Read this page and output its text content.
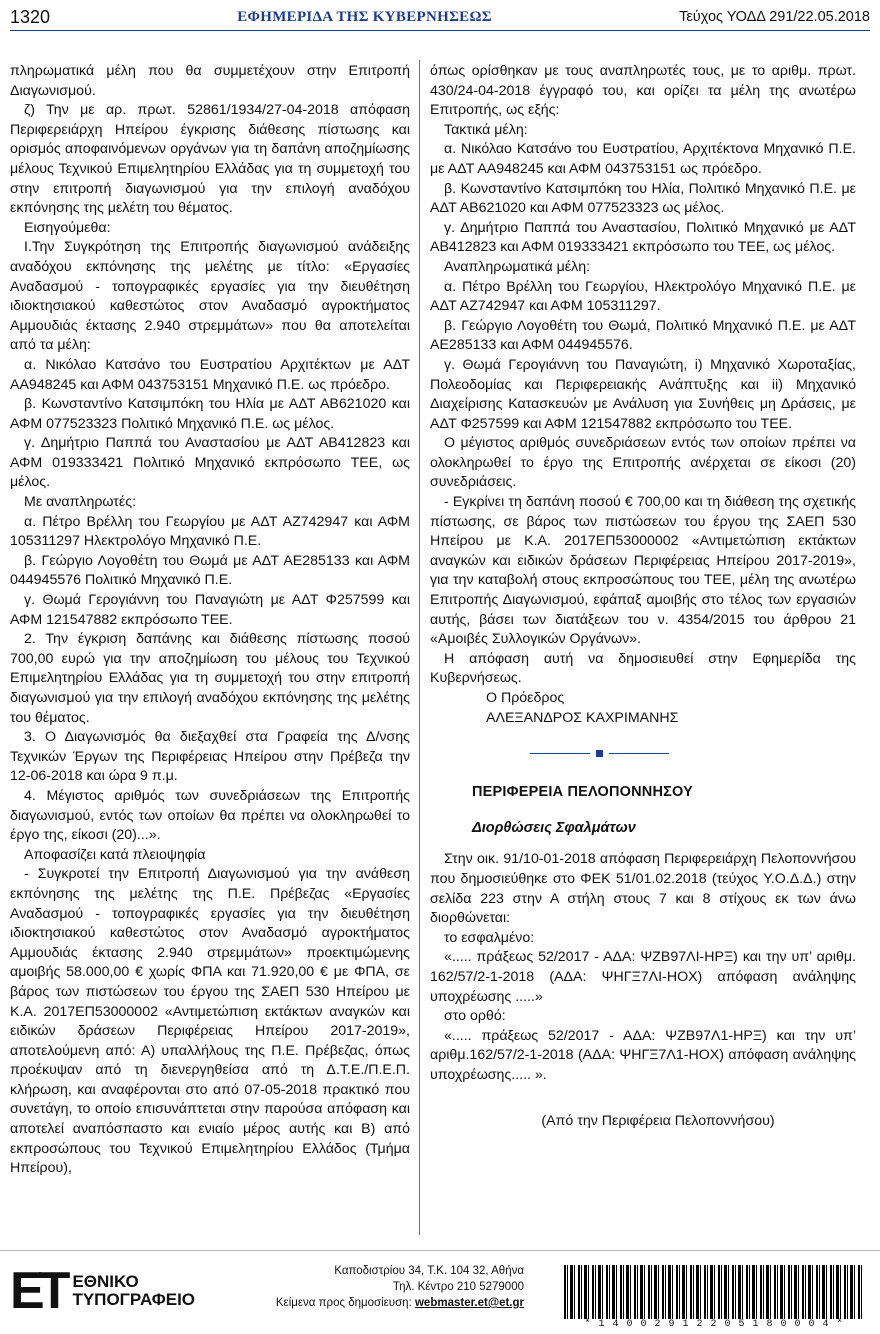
1320	ΕΦΗΜΕΡΙΔΑ ΤΗΣ ΚΥΒΕΡΝΗΣΕΩΣ	Τεύχος ΥΟΔΔ 291/22.05.2018

πληρωματικά μέλη που θα συμμετέχουν στην Επιτροπή Διαγωνισμού.

ζ) Την με αρ. πρωτ. 52861/1934/27-04-2018 απόφαση Περιφερειάρχη Ηπείρου έγκρισης διάθεσης πίστωσης και ορισμός αποφαινόμενων οργάνων για τη δαπάνη αποζημίωσης μέλους Τεχνικού Επιμελητηρίου Ελλάδας για τη συμμετοχή του στην επιτροπή διαγωνισμού για την επιλογή αναδόχου εκπόνησης της μελέτη του θέματος.

Εισηγούμεθα:

Ι.Την Συγκρότηση της Επιτροπής διαγωνισμού ανάδειξης αναδόχου εκπόνησης της μελέτης με τίτλο: «Εργασίες Αναδασμού - τοπογραφικές εργασίες για την διευθέτηση ιδιοκτησιακού καθεστώτος στον Αναδασμό αγροκτήματος Αμμουδιάς έκτασης 2.940 στρεμμάτων» που θα αποτελείται από τα μέλη:

α. Νικόλαο Κατσάνο του Ευστρατίου Αρχιτέκτων με ΑΔΤ ΑΑ948245 και ΑΦΜ 043753151 Μηχανικό Π.Ε. ως πρόεδρο.

β. Κωνσταντίνο Κατσιμπόκη του Ηλία με ΑΔΤ ΑΒ621020 και ΑΦΜ 077523323 Πολιτικό Μηχανικό Π.Ε. ως μέλος.

γ. Δημήτριο Παππά του Αναστασίου με ΑΔΤ ΑΒ412823 και ΑΦΜ 019333421 Πολιτικό Μηχανικό εκπρόσωπο ΤΕΕ, ως μέλος.

Με αναπληρωτές:

α. Πέτρο Βρέλλη του Γεωργίου με ΑΔΤ ΑΖ742947 και ΑΦΜ 105311297 Ηλεκτρολόγο Μηχανικό Π.Ε.

β. Γεώργιο Λογοθέτη του Θωμά με ΑΔΤ ΑΕ285133 και ΑΦΜ 044945576 Πολιτικό Μηχανικό Π.Ε.

γ. Θωμά Γερογιάννη του Παναγιώτη με ΑΔΤ Φ257599 και ΑΦΜ 121547882 εκπρόσωπο ΤΕΕ.

2. Την έγκριση δαπάνης και διάθεσης πίστωσης ποσού 700,00 ευρώ για την αποζημίωση του μέλους του Τεχνικού Επιμελητηρίου Ελλάδας για τη συμμετοχή του στην επιτροπή διαγωνισμού για την επιλογή αναδόχου εκπόνησης της μελέτης του θέματος.

3. Ο Διαγωνισμός θα διεξαχθεί στα Γραφεία της Δ/νσης Τεχνικών Έργων της Περιφέρειας Ηπείρου στην Πρέβεζα την 12-06-2018 και ώρα 9 π.μ.

4. Μέγιστος αριθμός των συνεδριάσεων της Επιτροπής διαγωνισμού, εντός των οποίων θα πρέπει να ολοκληρωθεί το έργο της, είκοσι (20)...».

Αποφασίζει κατά πλειοψηφία

- Συγκροτεί την Επιτροπή Διαγωνισμού για την ανάθεση εκπόνησης της μελέτης της Π.Ε. Πρέβεζας «Εργασίες Αναδασμού - τοπογραφικές εργασίες για την διευθέτηση ιδιοκτησιακού καθεστώτος στον Αναδασμό αγροκτήματος Αμμουδιάς έκτασης 2.940 στρεμμάτων» προεκτιμώμενης αμοιβής 58.000,00 € χωρίς ΦΠΑ και 71.920,00 € με ΦΠΑ, σε βάρος των πιστώσεων του έργου της ΣΑΕΠ 530 Ηπείρου με Κ.Α. 2017ΕΠ53000002 «Αντιμετώπιση εκτάκτων αναγκών και ειδικών δράσεων Περιφέρειας Ηπείρου 2017-2019», αποτελούμενη από: Α) υπαλλήλους της Π.Ε. Πρέβεζας, όπως προέκυψαν από τη διενεργηθείσα από τη Δ.Τ.Ε./Π.Ε.Π. κλήρωση, και αναφέρονται στο από 07-05-2018 πρακτικό που συνετάγη, το οποίο επισυνάπτεται στην παρούσα απόφαση και αποτελεί αναπόσπαστο και ενιαίο μέρος αυτής και Β) από εκπροσώπους του Τεχνικού Επιμελητηρίου Ελλάδος (Τμήμα Ηπείρου),

όπως ορίσθηκαν με τους αναπληρωτές τους, με το αριθμ. πρωτ. 430/24-04-2018 έγγραφό του, και ορίζει τα μέλη της ανωτέρω Επιτροπής, ως εξής:

Τακτικά μέλη:

α. Νικόλαο Κατσάνο του Ευστρατίου, Αρχιτέκτονα Μηχανικό Π.Ε. με ΑΔΤ ΑΑ948245 και ΑΦΜ 043753151 ως πρόεδρο.

β. Κωνσταντίνο Κατσιμπόκη του Ηλία, Πολιτικό Μηχανικό Π.Ε. με ΑΔΤ ΑΒ621020 και ΑΦΜ 077523323 ως μέλος.

γ. Δημήτριο Παππά του Αναστασίου, Πολιτικό Μηχανικό με ΑΔΤ ΑΒ412823 και ΑΦΜ 019333421 εκπρόσωπο του ΤΕΕ, ως μέλος.

Αναπληρωματικά μέλη:

α. Πέτρο Βρέλλη του Γεωργίου, Ηλεκτρολόγο Μηχανικό Π.Ε. με ΑΔΤ ΑΖ742947 και ΑΦΜ 105311297.

β. Γεώργιο Λογοθέτη του Θωμά, Πολιτικό Μηχανικό Π.Ε. με ΑΔΤ ΑΕ285133 και ΑΦΜ 044945576.

γ. Θωμά Γερογιάννη του Παναγιώτη, i) Μηχανικό Χωροταξίας, Πολεοδομίας και Περιφερειακής Ανάπτυξης και ii) Μηχανικό Διαχείρισης Κατασκευών με Ανάλυση για Συνήθεις μη Δράσεις, με ΑΔΤ Φ257599 και ΑΦΜ 121547882 εκπρόσωπο του ΤΕΕ.

Ο μέγιστος αριθμός συνεδριάσεων εντός των οποίων πρέπει να ολοκληρωθεί το έργο της Επιτροπής ανέρχεται σε είκοσι (20) συνεδριάσεις.

- Εγκρίνει τη δαπάνη ποσού € 700,00 και τη διάθεση της σχετικής πίστωσης, σε βάρος των πιστώσεων του έργου της ΣΑΕΠ 530 Ηπείρου με Κ.Α. 2017ΕΠ53000002 «Αντιμετώπιση εκτάκτων αναγκών και ειδικών δράσεων Περιφέρειας Ηπείρου 2017-2019», για την καταβολή στους εκπροσώπους του ΤΕΕ, μέλη της ανωτέρω Επιτροπής Διαγωνισμού, εφάπαξ αμοιβής στο τέλος των εργασιών αυτής, βάσει των διατάξεων του ν. 4354/2015 του άρθρου 21 «Αμοιβές Συλλογικών Οργάνων».

Η απόφαση αυτή να δημοσιευθεί στην Εφημερίδα της Κυβερνήσεως.

Ο Πρόεδρος

ΑΛΕΞΑΝΔΡΟΣ ΚΑΧΡΙΜΑΝΗΣ

ΠΕΡΙΦΕΡΕΙΑ ΠΕΛΟΠΟΝΝΗΣΟΥ
Διορθώσεις Σφαλμάτων

Στην οικ. 91/10-01-2018 απόφαση Περιφερειάρχη Πελοποννήσου που δημοσιεύθηκε στο ΦΕΚ 51/01.02.2018 (τεύχος Υ.Ο.Δ.Δ.) στην σελίδα 223 στην Α στήλη στους 7 και 8 στίχους εκ των άνω διορθώνεται:

το εσφαλμένο:

«..... πράξεως 52/2017 - ΑΔΑ: ΨΖΒ97ΛΙ-ΗΡΞ) και την υπ’ αριθμ. 162/57/2-1-2018 (ΑΔΑ: ΨΗΓΞ7ΛΙ-ΗΟΧ) απόφαση ανάληψης υποχρέωσης .....»

στο ορθό:

«..... πράξεως 52/2017 - ΑΔΑ: ΨΖΒ97Λ1-ΗΡΞ) και την υπ’ αριθμ.162/57/2-1-2018 (ΑΔΑ: ΨΗΓΞ7Λ1-ΗΟΧ) απόφαση ανάληψης υποχρέωσης..... ».

(Από την Περιφέρεια Πελοποννήσου)
ET ΕΘΝΙΚΟ
ΤΥΠΟΓΡΑΦΕΙΟ
Καποδιστρίου 34, Τ.Κ. 104 32, Αθήνα
Τηλ. Κέντρο 210 5279000
Κείμενα προς δημοσίευση: webmaster.et@et.gr
* 1 4 0 0 2 9 1 2 2 0 5 1 8 0 0 0 4 *
